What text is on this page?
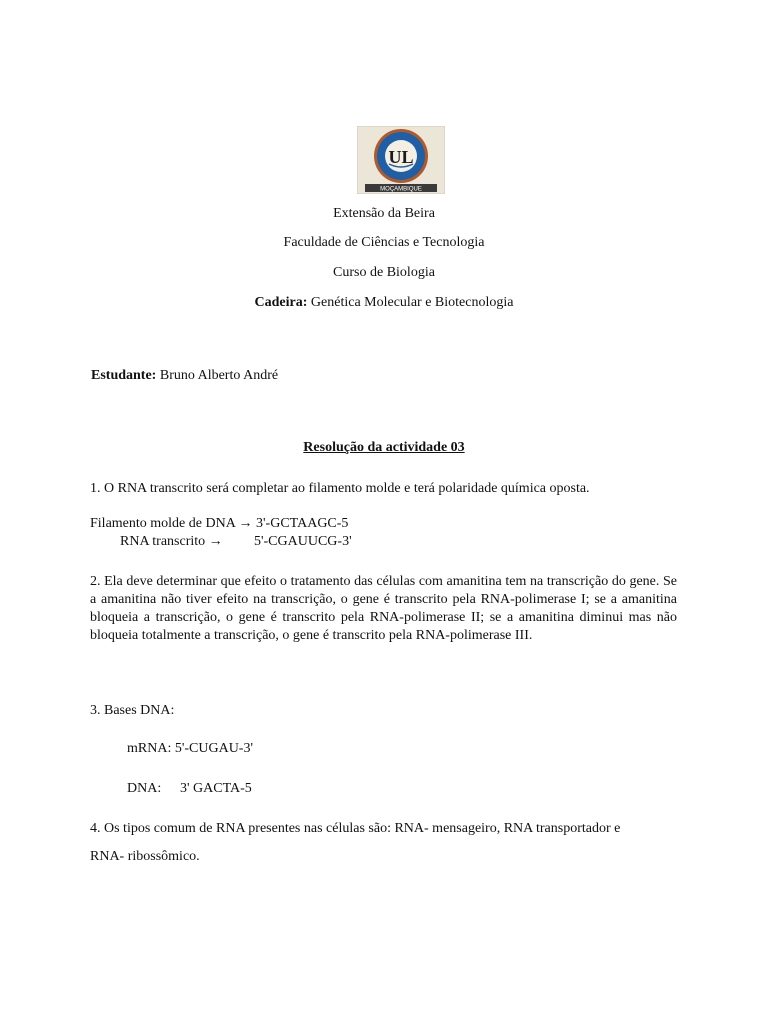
UL
MOÇAMBIQUE
Extensão da Beira
Faculdade de Ciências e Tecnologia
Curso de Biologia
Cadeira: Genética Molecular e Biotecnologia
Estudante: Bruno Alberto André
Resolução da actividade 03
1. O RNA transcrito será completar ao filamento molde e terá polaridade química oposta.
Filamento molde de DNA → 3'-GCTAAGC-5
RNA transcrito → 5'-CGAUUCG-3'
2. Ela deve determinar que efeito o tratamento das células com amanitina tem na transcrição do gene. Se a amanitina não tiver efeito na transcrição, o gene é transcrito pela RNA-polimerase I; se a amanitina bloqueia a transcrição, o gene é transcrito pela RNA-polimerase II; se a amanitina diminui mas não bloqueia totalmente a transcrição, o gene é transcrito pela RNA-polimerase III.
3. Bases DNA:
mRNA: 5'-CUGAU-3'
DNA: 3' GACTA-5
4. Os tipos comum de RNA presentes nas células são: RNA- mensageiro, RNA transportador e
RNA- ribossômico.
